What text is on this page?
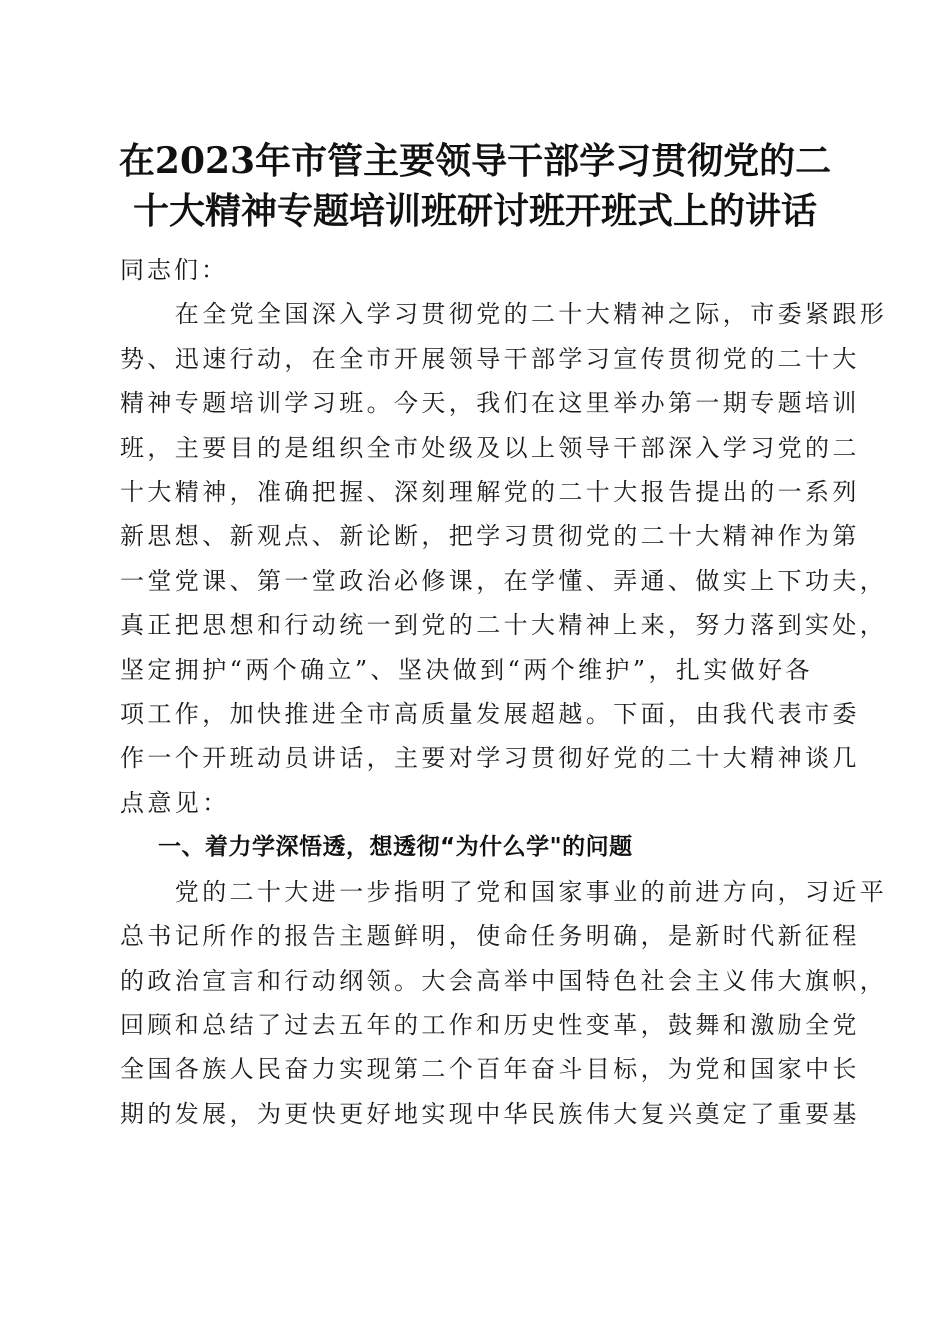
在2023年市管主要领导干部学习贯彻党的二
十大精神专题培训班研讨班开班式上的讲话
同志们：
　　在全党全国深入学习贯彻党的二十大精神之际，市委紧跟形
势、迅速行动，在全市开展领导干部学习宣传贯彻党的二十大
精神专题培训学习班。今天，我们在这里举办第一期专题培训
班，主要目的是组织全市处级及以上领导干部深入学习党的二
十大精神，准确把握、深刻理解党的二十大报告提出的一系列
新思想、新观点、新论断，把学习贯彻党的二十大精神作为第
一堂党课、第一堂政治必修课，在学懂、弄通、做实上下功夫，
真正把思想和行动统一到党的二十大精神上来，努力落到实处，
坚定拥护“两个确立”、坚决做到“两个维护”，扎实做好各
项工作，加快推进全市高质量发展超越。下面，由我代表市委
作一个开班动员讲话，主要对学习贯彻好党的二十大精神谈几
点意见：
一、着力学深悟透，想透彻“为什么学"的问题
　　党的二十大进一步指明了党和国家事业的前进方向，习近平
总书记所作的报告主题鲜明，使命任务明确，是新时代新征程
的政治宣言和行动纲领。大会高举中国特色社会主义伟大旗帜，
回顾和总结了过去五年的工作和历史性变革，鼓舞和激励全党
全国各族人民奋力实现第二个百年奋斗目标，为党和国家中长
期的发展，为更快更好地实现中华民族伟大复兴奠定了重要基
